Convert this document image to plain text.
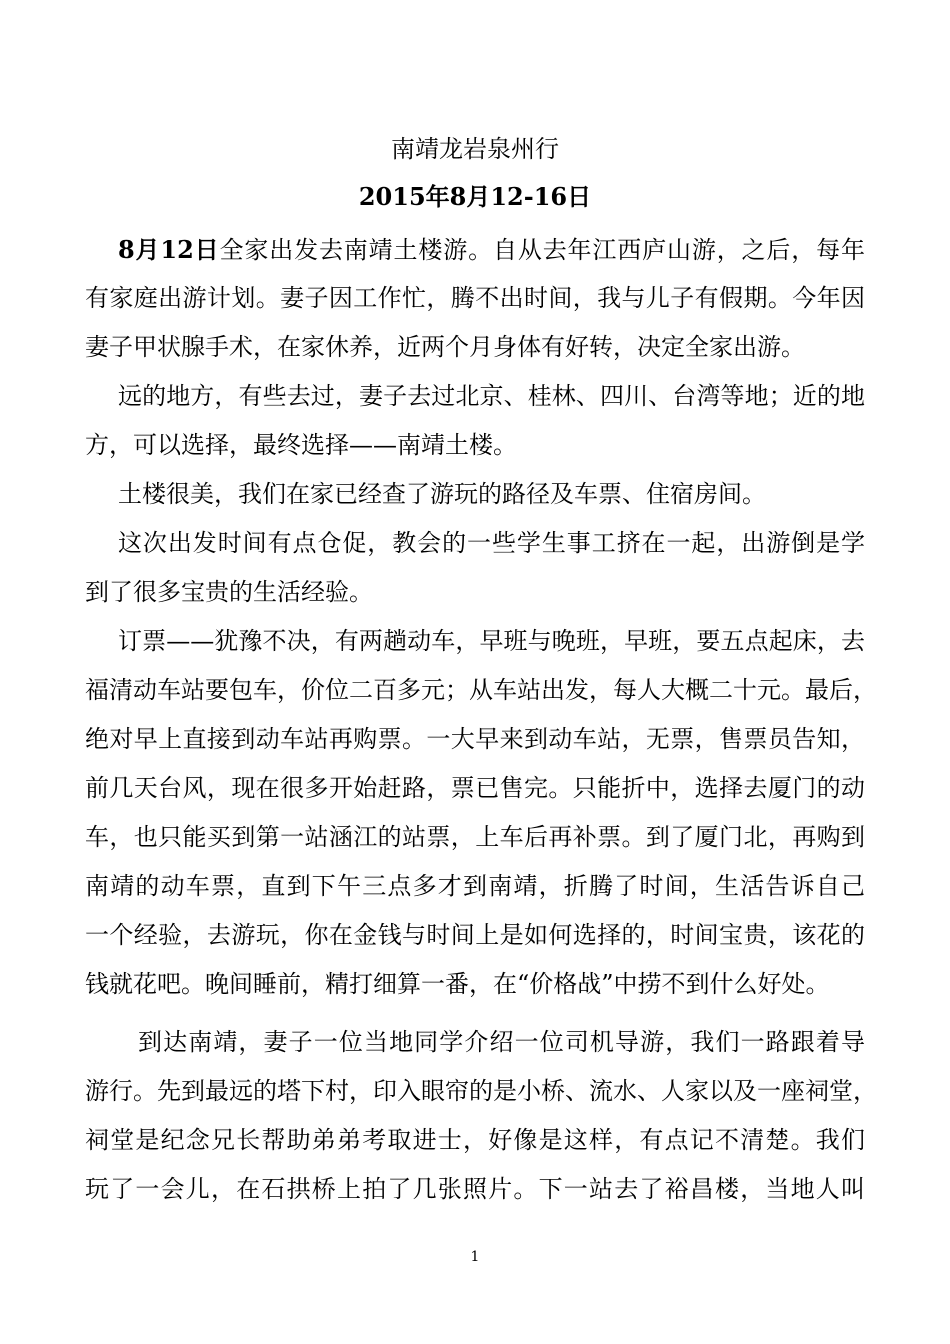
南靖龙岩泉州行
2015年8月12-16日
8月12日全家出发去南靖土楼游。自从去年江西庐山游，之后，每年
有家庭出游计划。妻子因工作忙，腾不出时间，我与儿子有假期。今年因
妻子甲状腺手术，在家休养，近两个月身体有好转，决定全家出游。
远的地方，有些去过，妻子去过北京、桂林、四川、台湾等地；近的地
方，可以选择，最终选择——南靖土楼。
土楼很美，我们在家已经查了游玩的路径及车票、住宿房间。
这次出发时间有点仓促，教会的一些学生事工挤在一起，出游倒是学
到了很多宝贵的生活经验。
订票——犹豫不决，有两趟动车，早班与晚班，早班，要五点起床，去
福清动车站要包车，价位二百多元；从车站出发，每人大概二十元。最后，
绝对早上直接到动车站再购票。一大早来到动车站，无票，售票员告知，
前几天台风，现在很多开始赶路，票已售完。只能折中，选择去厦门的动
车，也只能买到第一站涵江的站票，上车后再补票。到了厦门北，再购到
南靖的动车票，直到下午三点多才到南靖，折腾了时间，生活告诉自己
一个经验，去游玩，你在金钱与时间上是如何选择的，时间宝贵，该花的
钱就花吧。晚间睡前，精打细算一番，在“价格战”中捞不到什么好处。
到达南靖，妻子一位当地同学介绍一位司机导游，我们一路跟着导
游行。先到最远的塔下村，印入眼帘的是小桥、流水、人家以及一座祠堂，
祠堂是纪念兄长帮助弟弟考取进士，好像是这样，有点记不清楚。我们
玩了一会儿，在石拱桥上拍了几张照片。下一站去了裕昌楼，当地人叫
1
